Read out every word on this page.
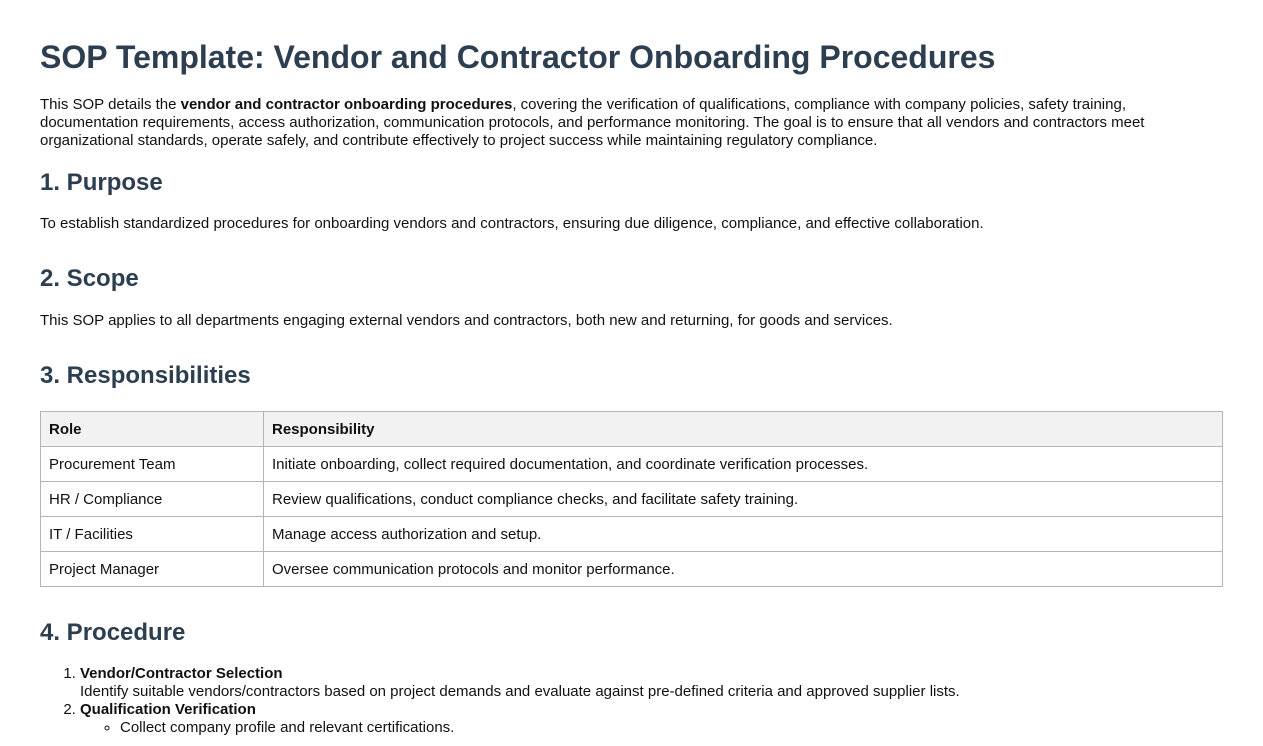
SOP Template: Vendor and Contractor Onboarding Procedures

This SOP details the vendor and contractor onboarding procedures, covering the verification of qualifications, compliance with company policies, safety training, documentation requirements, access authorization, communication protocols, and performance monitoring. The goal is to ensure that all vendors and contractors meet organizational standards, operate safely, and contribute effectively to project success while maintaining regulatory compliance.

1. Purpose

To establish standardized procedures for onboarding vendors and contractors, ensuring due diligence, compliance, and effective collaboration.

2. Scope

This SOP applies to all departments engaging external vendors and contractors, both new and returning, for goods and services.

3. Responsibilities
Role	Responsibility
Procurement Team	Initiate onboarding, collect required documentation, and coordinate verification processes.
HR / Compliance	Review qualifications, conduct compliance checks, and facilitate safety training.
IT / Facilities	Manage access authorization and setup.
Project Manager	Oversee communication protocols and monitor performance.
4. Procedure
1. Vendor/Contractor Selection
Identify suitable vendors/contractors based on project demands and evaluate against pre-defined criteria and approved supplier lists.
2. Qualification Verification
◦ Collect company profile and relevant certifications.
